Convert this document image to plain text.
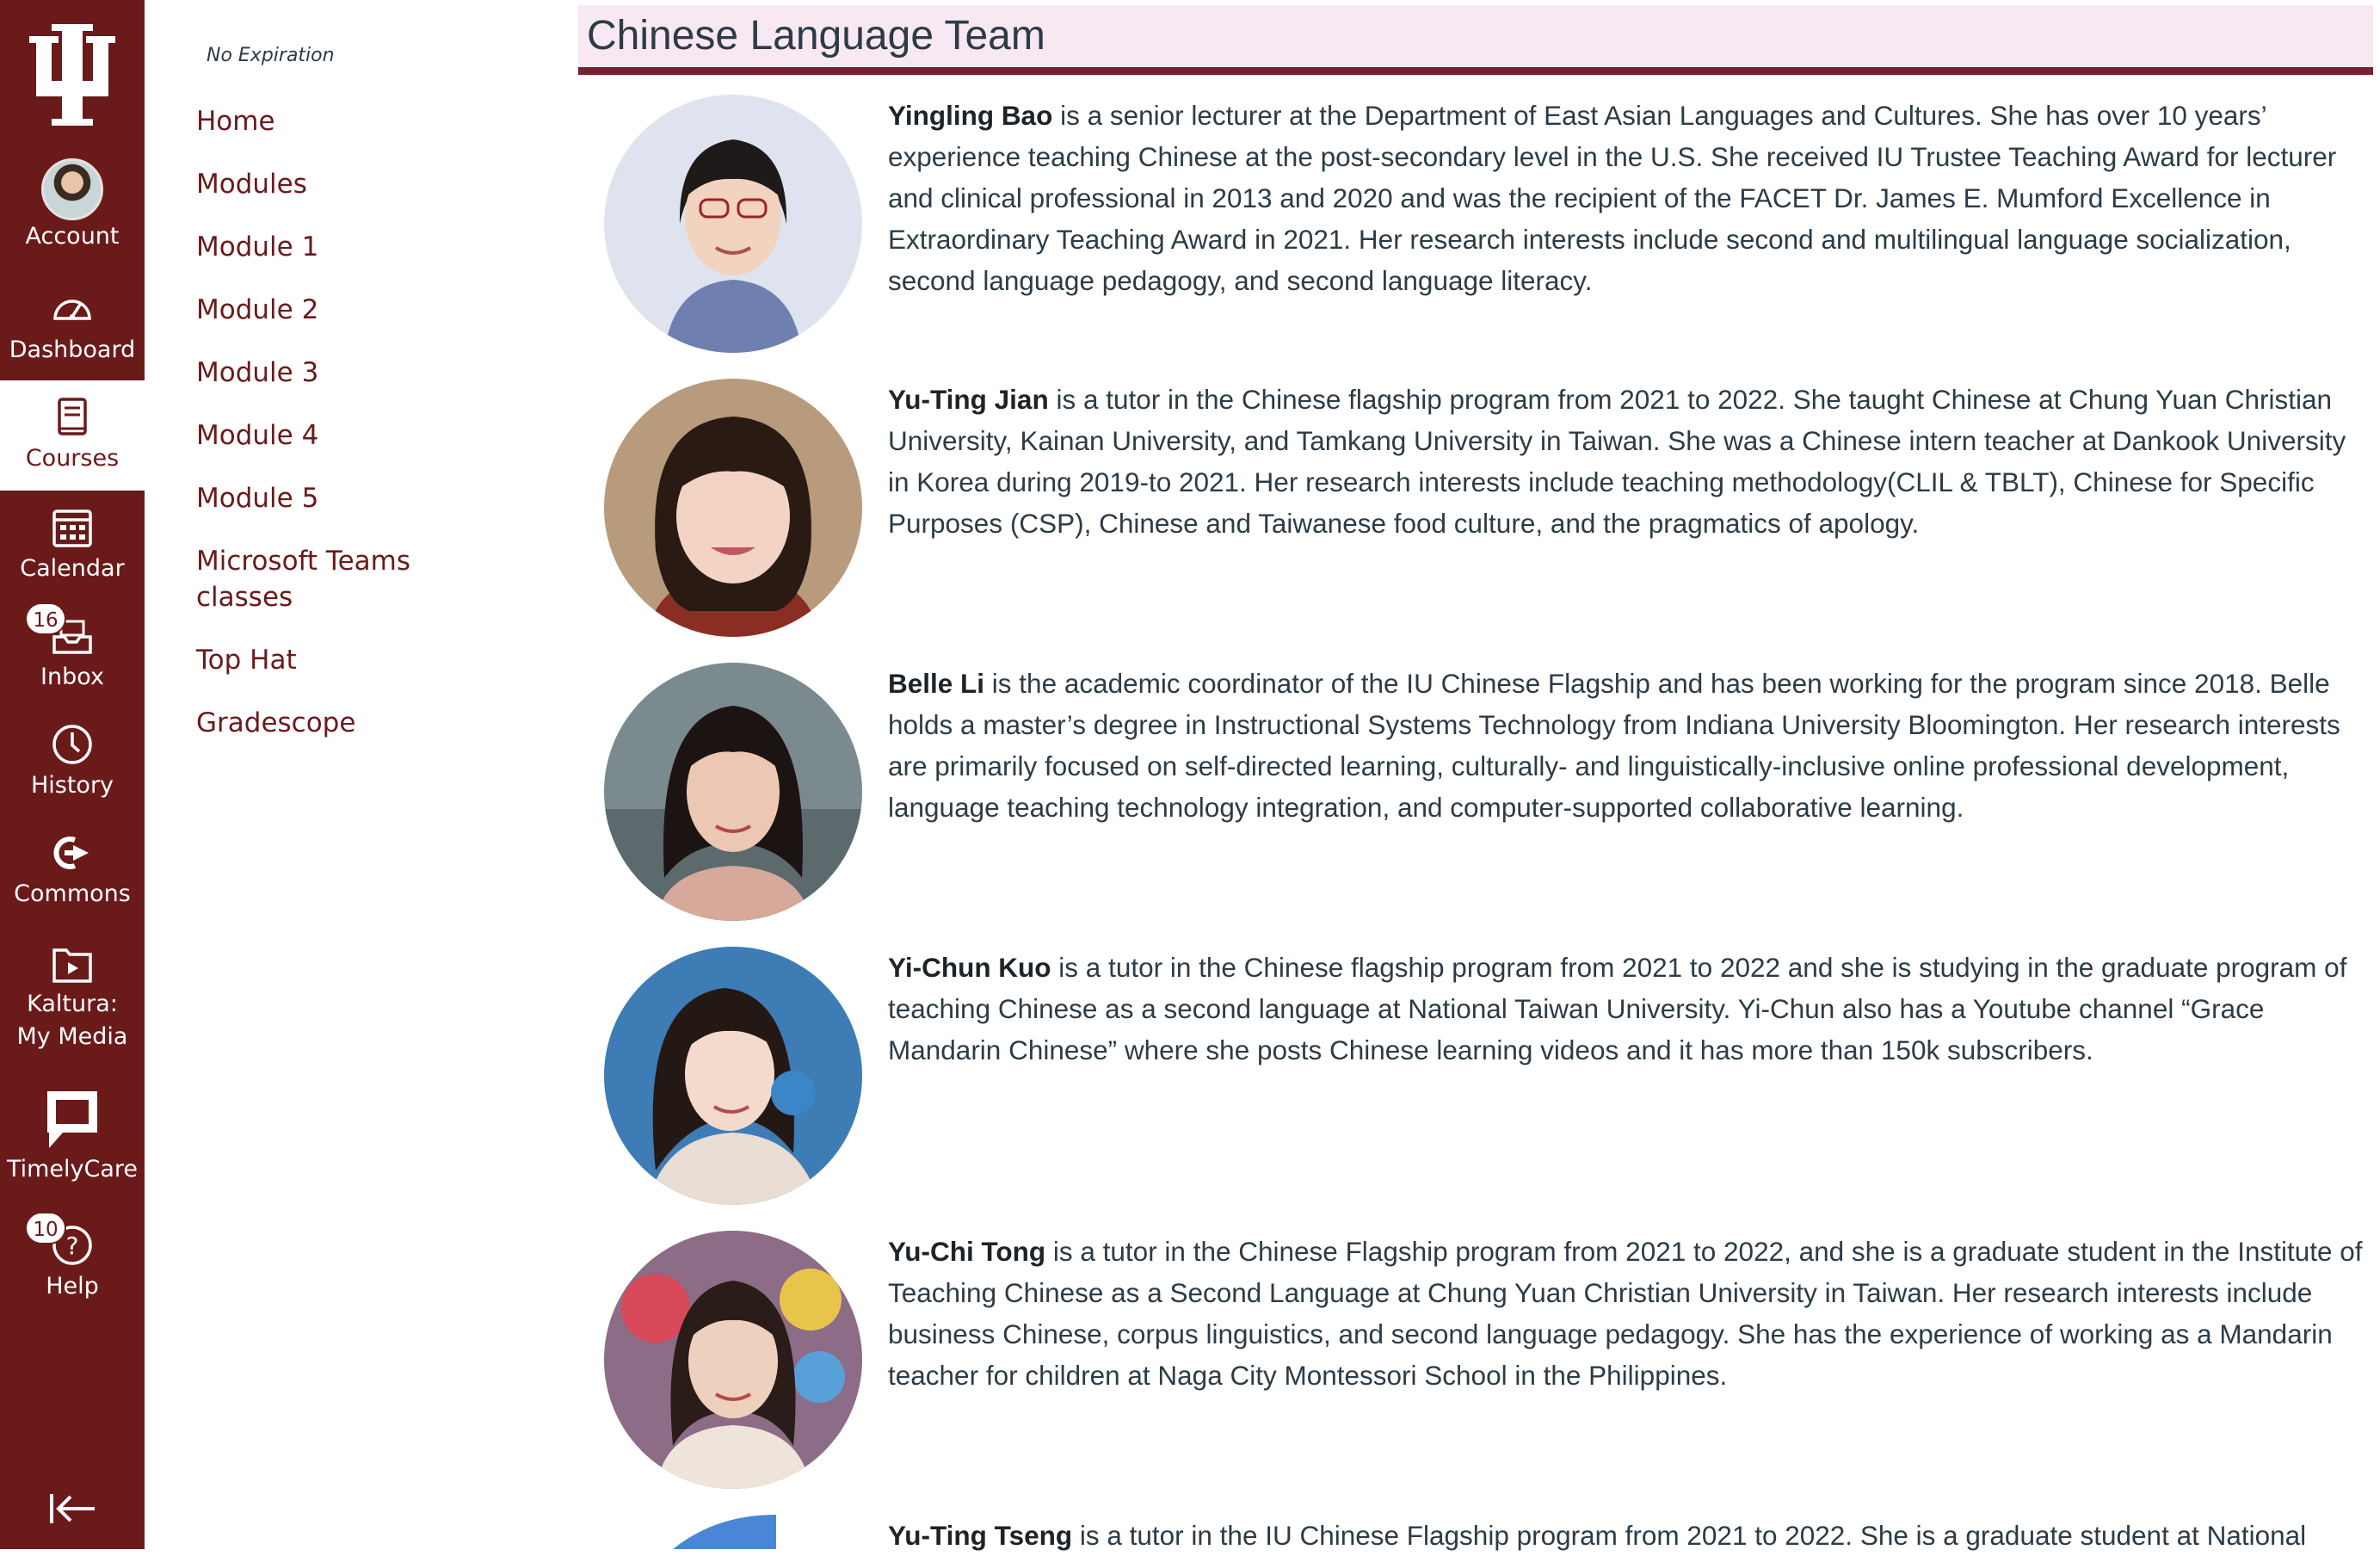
Account
Dashboard
Courses
Calendar
16
Inbox
History
Commons
Kaltura: My Media
TimelyCare
?
10
Help
No Expiration
Home
Modules
Module 1
Module 2
Module 3
Module 4
Module 5
Microsoft Teams classes
Top Hat
Gradescope
Chinese Language Team

Yingling Bao is a senior lecturer at the Department of East Asian Languages and Cultures. She has over 10 years’ experience teaching Chinese at the post-secondary level in the U.S. She received IU Trustee Teaching Award for lecturer and clinical professional in 2013 and 2020 and was the recipient of the FACET Dr. James E. Mumford Excellence in Extraordinary Teaching Award in 2021. Her research interests include second and multilingual language socialization, second language pedagogy, and second language literacy.

Yu-Ting Jian is a tutor in the Chinese flagship program from 2021 to 2022. She taught Chinese at Chung Yuan Christian University, Kainan University, and Tamkang University in Taiwan. She was a Chinese intern teacher at Dankook University in Korea during 2019-to 2021. Her research interests include teaching methodology(CLIL & TBLT), Chinese for Specific Purposes (CSP), Chinese and Taiwanese food culture, and the pragmatics of apology.

Belle Li is the academic coordinator of the IU Chinese Flagship and has been working for the program since 2018. Belle holds a master’s degree in Instructional Systems Technology from Indiana University Bloomington. Her research interests are primarily focused on self-directed learning, culturally- and linguistically-inclusive online professional development, language teaching technology integration, and computer-supported collaborative learning.

Yi-Chun Kuo is a tutor in the Chinese flagship program from 2021 to 2022 and she is studying in the graduate program of teaching Chinese as a second language at National Taiwan University. Yi-Chun also has a Youtube channel “Grace Mandarin Chinese” where she posts Chinese learning videos and it has more than 150k subscribers.

Yu-Chi Tong is a tutor in the Chinese Flagship program from 2021 to 2022, and she is a graduate student in the Institute of Teaching Chinese as a Second Language at Chung Yuan Christian University in Taiwan. Her research interests include business Chinese, corpus linguistics, and second language pedagogy. She has the experience of working as a Mandarin teacher for children at Naga City Montessori School in the Philippines.

Yu-Ting Tseng is a tutor in the IU Chinese Flagship program from 2021 to 2022. She is a graduate student at National
